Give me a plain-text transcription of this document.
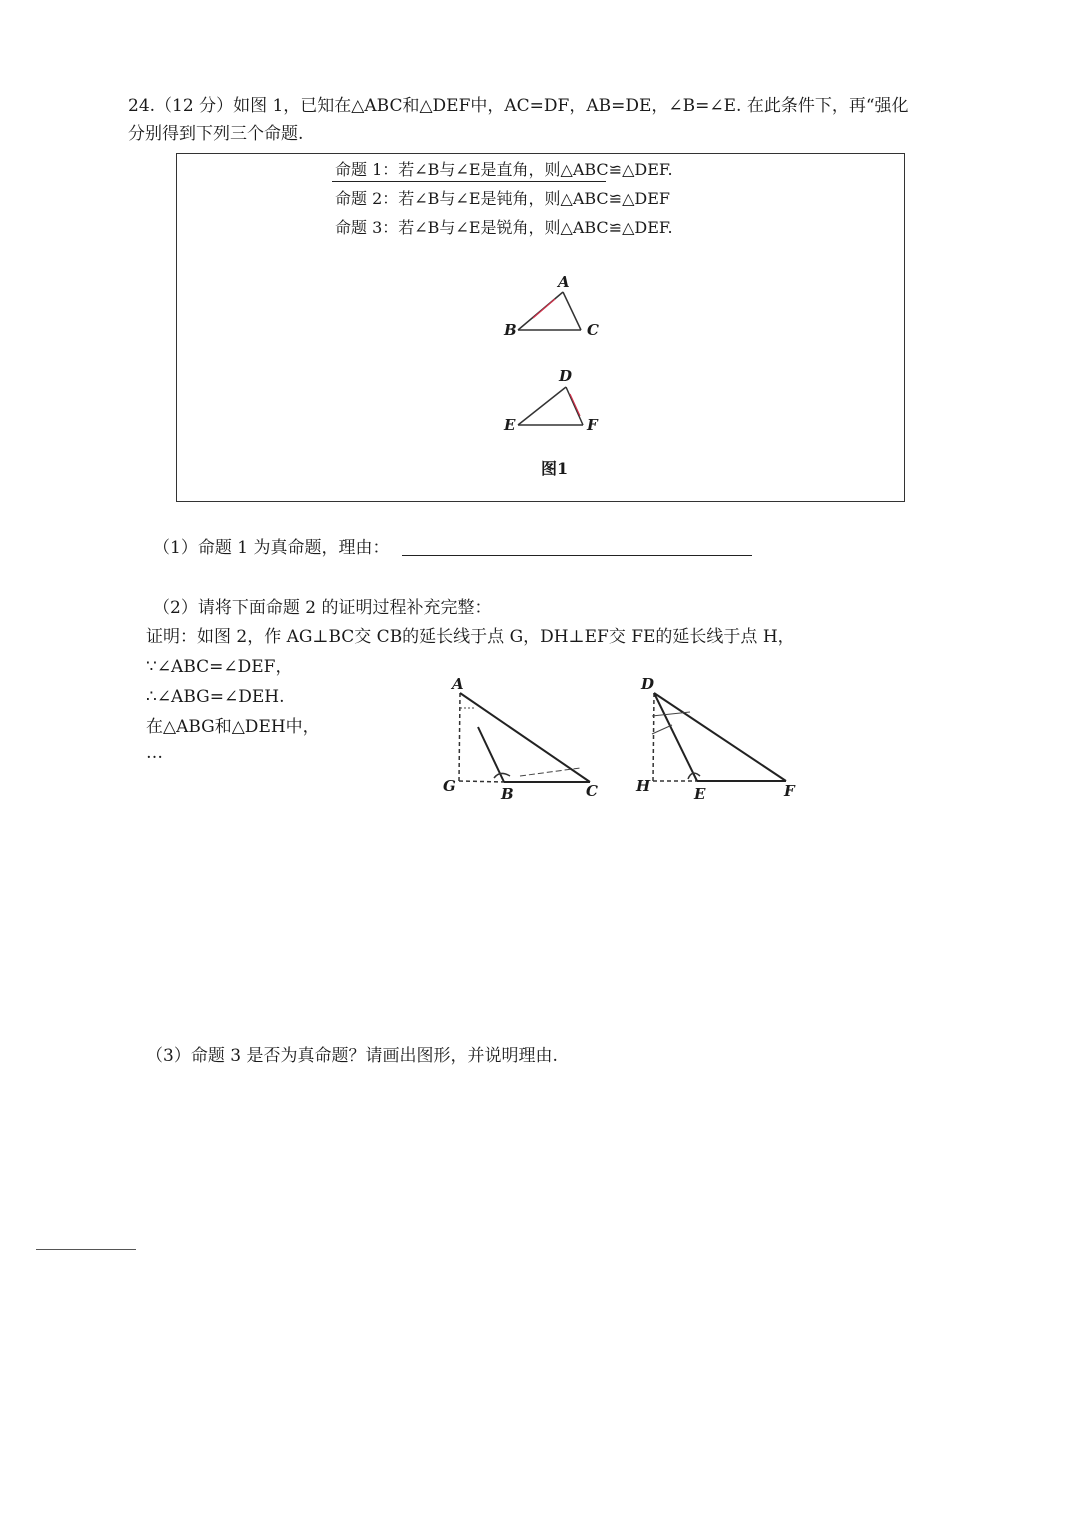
24.（12 分）如图 1，已知在△ABC和△DEF中，AC=DF，AB=DE，∠B=∠E. 在此条件下，再“强化
分别得到下列三个命题.
命题 1：若∠B与∠E是直角，则△ABC≌△DEF.
命题 2：若∠B与∠E是钝角，则△ABC≌△DEF
命题 3：若∠B与∠E是锐角，则△ABC≌△DEF.
A
B	C
D
E	F
图1
（1）命题 1 为真命题，理由：
（2）请将下面命题 2 的证明过程补充完整：
证明：如图 2，作 AG⊥BC交 CB的延长线于点 G，DH⊥EF交 FE的延长线于点 H，
∵∠ABC=∠DEF，
∴∠ABG=∠DEH.
在△ABG和△DEH中，
…
A
G	B	C
D
H	E	F
（3）命题 3 是否为真命题？请画出图形，并说明理由.
